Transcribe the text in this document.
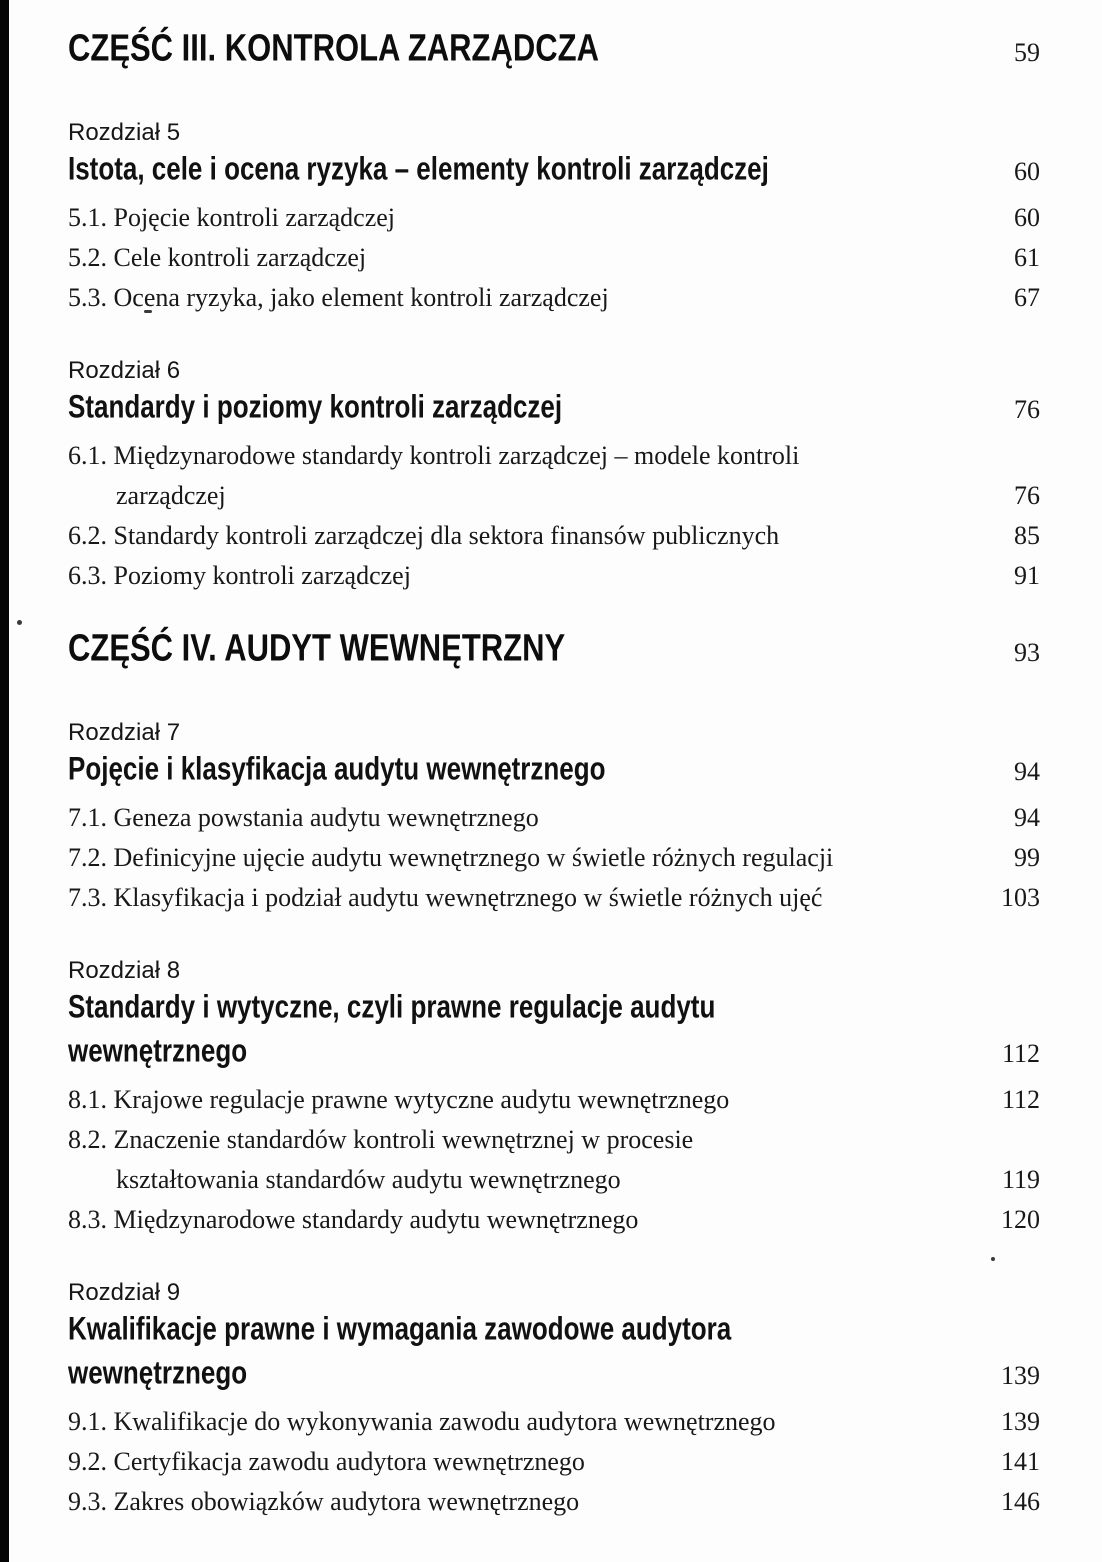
CZĘŚĆ III. KONTROLA ZARZĄDCZA	59
Rozdział 5
Istota, cele i ocena ryzyka – elementy kontroli zarządczej	60
5.1. Pojęcie kontroli zarządczej	60
5.2. Cele kontroli zarządczej	61
5.3. Ocena ryzyka, jako element kontroli zarządczej	67
Rozdział 6
Standardy i poziomy kontroli zarządczej	76
6.1. Międzynarodowe standardy kontroli zarządczej – modele kontroli
zarządczej	76
6.2. Standardy kontroli zarządczej dla sektora finansów publicznych	85
6.3. Poziomy kontroli zarządczej	91
CZĘŚĆ IV. AUDYT WEWNĘTRZNY	93
Rozdział 7
Pojęcie i klasyfikacja audytu wewnętrznego	94
7.1. Geneza powstania audytu wewnętrznego	94
7.2. Definicyjne ujęcie audytu wewnętrznego w świetle różnych regulacji	99
7.3. Klasyfikacja i podział audytu wewnętrznego w świetle różnych ujęć	103
Rozdział 8
Standardy i wytyczne, czyli prawne regulacje audytu
wewnętrznego	112
8.1. Krajowe regulacje prawne wytyczne audytu wewnętrznego	112
8.2. Znaczenie standardów kontroli wewnętrznej w procesie
kształtowania standardów audytu wewnętrznego	119
8.3. Międzynarodowe standardy audytu wewnętrznego	120
Rozdział 9
Kwalifikacje prawne i wymagania zawodowe audytora
wewnętrznego	139
9.1. Kwalifikacje do wykonywania zawodu audytora wewnętrznego	139
9.2. Certyfikacja zawodu audytora wewnętrznego	141
9.3. Zakres obowiązków audytora wewnętrznego	146
